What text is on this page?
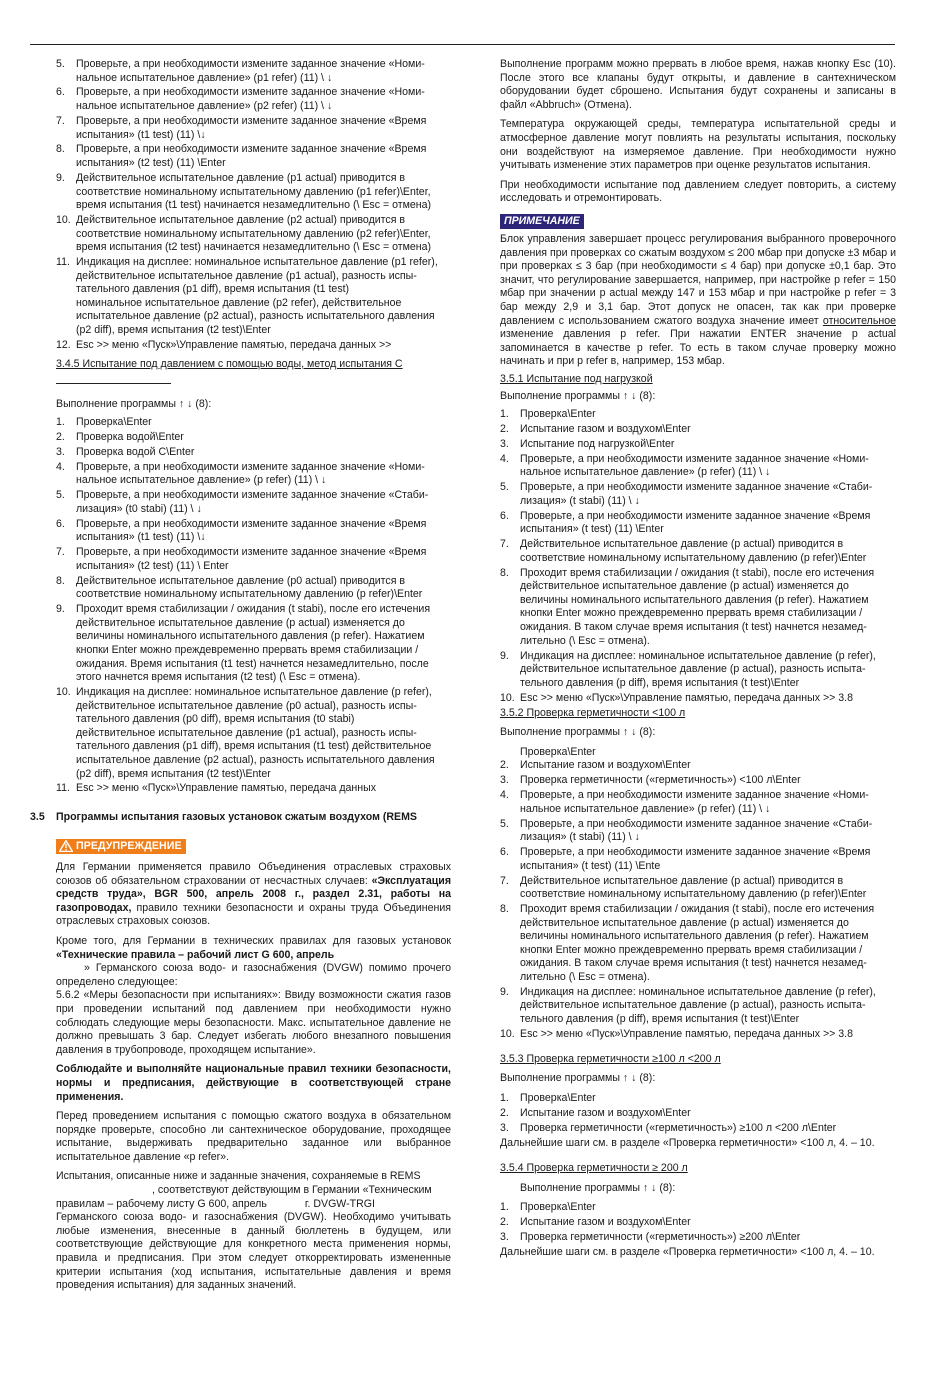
5.	Проверьте, а при необходимости измените заданное значение «Номи-
нальное испытательное давление» (p1 refer) (11) \ ↓
6.	Проверьте, а при необходимости измените заданное значение «Номи-
нальное испытательное давление» (p2 refer) (11) \ ↓
7.	Проверьте, а при необходимости измените заданное значение «Время
испытания» (t1 test) (11) \↓
8.	Проверьте, а при необходимости измените заданное значение «Время
испытания» (t2 test) (11) \Enter
9.	Действительное испытательное давление (p1 actual) приводится в
соответствие номинальному испытательному давлению (p1 refer)\Enter,
время испытания (t1 test) начинается незамедлительно (\ Esc = отмена)
10. Действительное испытательное давление (p2 actual) приводится в
соответствие номинальному испытательному давлению (p2 refer)\Enter,
время испытания (t2 test) начинается незамедлительно (\ Esc = отмена)
11. Индикация на дисплее: номинальное испытательное давление (p1 refer),
действительное испытательное давление (p1 actual), разность испы-
тательного давления (p1 diff), время испытания (t1 test)
номинальное испытательное давление (p2 refer), действительное
испытательное давление (p2 actual), разность испытательного давления
(p2 diff), время испытания (t2 test)\Enter
12. Esc >> меню «Пуск»\Управление памятью, передача данных >>
3.4.5 Испытание под давлением с помощью воды, метод испытания C
Выполнение программы ↑ ↓ (8):
1.	Проверка\Enter
2.	Проверка водой\Enter
3.	Проверка водой C\Enter
4.	Проверьте, а при необходимости измените заданное значение «Номи-
нальное испытательное давление» (p refer) (11) \ ↓
5.	Проверьте, а при необходимости измените заданное значение «Стаби-
лизация» (t0 stabi) (11) \ ↓
6.	Проверьте, а при необходимости измените заданное значение «Время
испытания» (t1 test) (11) \↓
7.	Проверьте, а при необходимости измените заданное значение «Время
испытания» (t2 test) (11) \ Enter
8.	Действительное испытательное давление (p0 actual) приводится в
соответствие номинальному испытательному давлению (p refer)\Enter
9.	Проходит время стабилизации / ожидания (t stabi), после его истечения
действительное испытательное давление (p actual) изменяется до
величины номинального испытательного давления (p refer). Нажатием
кнопки Enter можно преждевременно прервать время стабилизации /
ожидания. Время испытания (t1 test) начнется незамедлительно, после
этого начнется время испытания (t2 test) (\ Esc = отмена).
10. Индикация на дисплее: номинальное испытательное давление (p refer),
действительное испытательное давление (p0 actual), разность испы-
тательного давления (p0 diff), время испытания (t0 stabi)
действительное испытательное давление (p1 actual), разность испы-
тательного давления (p1 diff), время испытания (t1 test) действительное
испытательное давление (p2 actual), разность испытательного давления
(p2 diff), время испытания (t2 test)\Enter
11. Esc >> меню «Пуск»\Управление памятью, передача данных
3.5	Программы испытания газовых установок сжатым воздухом (REMS
ПРЕДУПРЕЖДЕНИЕ

Для Германии применяется правило Объединения отраслевых страховых союзов об обязательном страховании от несчастных случаев: «Эксплуатация средств труда», BGR 500, апрель 2008 г., раздел 2.31, работы на газопроводах, правило техники безопасности и охраны труда Объединения отраслевых страховых союзов.

Кроме того, для Германии в технических правилах для газовых установок «Технические правила – рабочий лист G 600, апрель
» Германского союза водо- и газоснабжения (DVGW) помимо прочего определено следующее:

5.6.2 «Меры безопасности при испытаниях»: Ввиду возможности сжатия газов при проведении испытаний под давлением при необходимости нужно соблюдать следующие меры безопасности. Макс. испытательное давление не должно превышать 3 бар. Следует избегать любого внезапного повышения давления в трубопроводе, проходящем испытание».

Соблюдайте и выполняйте национальные правил техники безопасности, нормы и предписания, действующие в соответствующей стране применения.

Перед проведением испытания с помощью сжатого воздуха в обязательном порядке проверьте, способно ли сантехническое оборудование, проходящее испытание, выдерживать предварительно заданное или выбранное испытательное давление «p refer».

Испытания, описанные ниже и заданные значения, сохраняемые в REMS
, соответствуют действующим в Германии «Техническим
правилам – рабочему листу G 600, апрель	г. DVGW-TRGI
Германского союза водо- и газоснабжения (DVGW). Необходимо учитывать любые изменения, внесенные в данный бюллетень в будущем, или соответствующие действующие для конкретного места применения нормы, правила и предписания. При этом следует откорректировать измененные критерии испытания (ход испытания, испытательные давления и время проведения испытания) для заданных значений.

Выполнение программ можно прервать в любое время, нажав кнопку Esc (10). После этого все клапаны будут открыты, и давление в сантехническом оборудовании будет сброшено. Испытания будут сохранены и записаны в файл «Abbruch» (Отмена).

Температура окружающей среды, температура испытательной среды и атмосферное давление могут повлиять на результаты испытания, поскольку они воздействуют на измеряемое давление. При необходимости нужно учитывать изменение этих параметров при оценке результатов испытания.

При необходимости испытание под давлением следует повторить, а систему исследовать и отремонтировать.

ПРИМЕЧАНИЕ

Блок управления завершает процесс регулирования выбранного проверочного давления при проверках со сжатым воздухом ≤ 200 мбар при допуске ±3 мбар и при проверках ≤ 3 бар (при необходимости ≤ 4 бар) при допуске ±0,1 бар. Это значит, что регулирование завершается, например, при настройке p refer = 150 мбар при значении p actual между 147 и 153 мбар и при настройке p refer = 3 бар между 2,9 и 3,1 бар. Этот допуск не опасен, так как при проверке давлением с использованием сжатого воздуха значение имеет относительное изменение давления p refer. При нажатии ENTER значение p actual запоминается в качестве p refer. То есть в таком случае проверку можно начинать и при p refer в, например, 153 мбар.

3.5.1 Испытание под нагрузкой
Выполнение программы ↑ ↓ (8):
1.	Проверка\Enter
2.	Испытание газом и воздухом\Enter
3.	Испытание под нагрузкой\Enter
4.	Проверьте, а при необходимости измените заданное значение «Номи-
нальное испытательное давление» (p refer) (11) \ ↓
5.	Проверьте, а при необходимости измените заданное значение «Стаби-
лизация» (t stabi) (11) \ ↓
6.	Проверьте, а при необходимости измените заданное значение «Время
испытания» (t test) (11) \Enter
7.	Действительное испытательное давление (p actual) приводится в
соответствие номинальному испытательному давлению (p refer)\Enter
8.	Проходит время стабилизации / ожидания (t stabi), после его истечения
действительное испытательное давление (p actual) изменяется до
величины номинального испытательного давления (p refer). Нажатием
кнопки Enter можно преждевременно прервать время стабилизации /
ожидания. В таком случае время испытания (t test) начнется незамед-
лительно (\ Esc = отмена).
9.	Индикация на дисплее: номинальное испытательное давление (p refer),
действительное испытательное давление (p actual), разность испыта-
тельного давления (p diff), время испытания (t test)\Enter
10. Esc >> меню «Пуск»\Управление памятью, передача данных >> 3.8
3.5.2 Проверка герметичности <100 л
Выполнение программы ↑ ↓ (8):
Проверка\Enter
2.	Испытание газом и воздухом\Enter
3.	Проверка герметичности («герметичность») <100 л\Enter
4.	Проверьте, а при необходимости измените заданное значение «Номи-
нальное испытательное давление» (p refer) (11) \ ↓
5.	Проверьте, а при необходимости измените заданное значение «Стаби-
лизация» (t stabi) (11) \ ↓
6.	Проверьте, а при необходимости измените заданное значение «Время
испытания» (t test) (11) \Ente
7.	Действительное испытательное давление (p actual) приводится в
соответствие номинальному испытательному давлению (p refer)\Enter
8.	Проходит время стабилизации / ожидания (t stabi), после его истечения
действительное испытательное давление (p actual) изменяется до
величины номинального испытательного давления (p refer). Нажатием
кнопки Enter можно преждевременно прервать время стабилизации /
ожидания. В таком случае время испытания (t test) начнется незамед-
лительно (\ Esc = отмена).
9.	Индикация на дисплее: номинальное испытательное давление (p refer),
действительное испытательное давление (p actual), разность испыта-
тельного давления (p diff), время испытания (t test)\Enter
10. Esc >> меню «Пуск»\Управление памятью, передача данных >> 3.8
3.5.3 Проверка герметичности ≥100 л <200 л
Выполнение программы ↑ ↓ (8):
1.	Проверка\Enter
2.	Испытание газом и воздухом\Enter
3.	Проверка герметичности («герметичность») ≥100 л <200 л\Enter
Дальнейшие шаги см. в разделе «Проверка герметичности» <100 л, 4. – 10.
3.5.4 Проверка герметичности ≥ 200 л
Выполнение программы ↑ ↓ (8):
1.	Проверка\Enter
2.	Испытание газом и воздухом\Enter
3.	Проверка герметичности («герметичность») ≥200 л\Enter
Дальнейшие шаги см. в разделе «Проверка герметичности» <100 л, 4. – 10.
